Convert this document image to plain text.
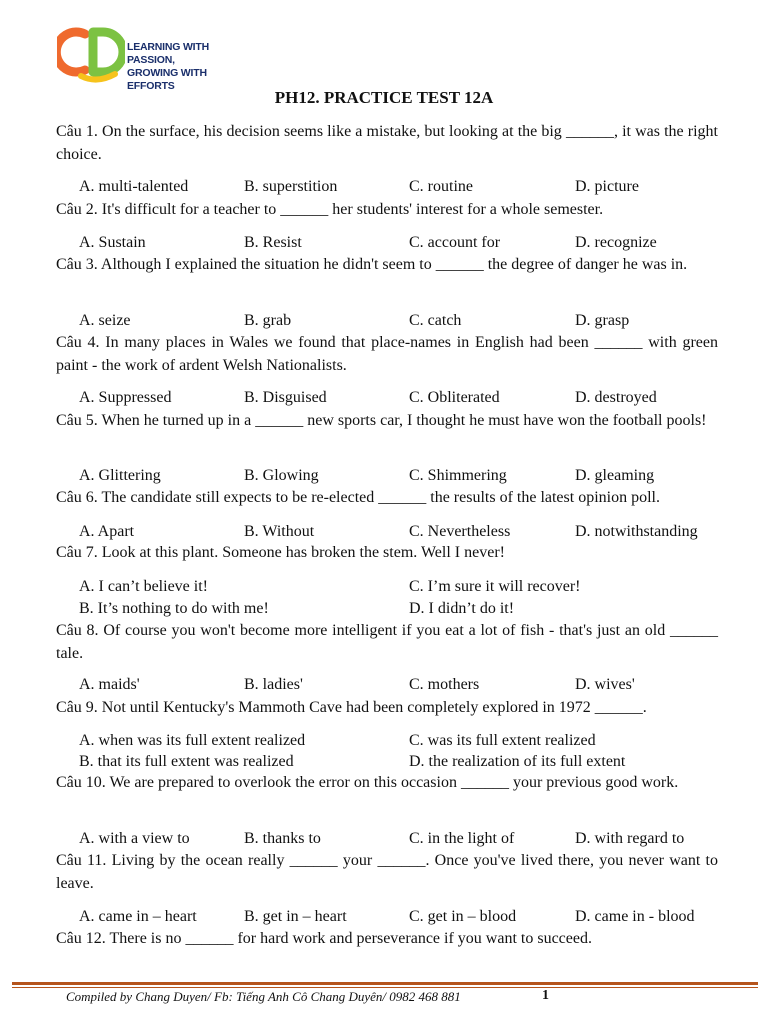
LEARNING WITH PASSION,
GROWING WITH EFFORTS
PH12. PRACTICE TEST 12A
Câu 1. On the surface, his decision seems like a mistake, but looking at the big ______, it was the right choice.
A. multi-talented	B. superstition	C. routine	D. picture
Câu 2. It's difficult for a teacher to ______ her students' interest for a whole semester.
A. Sustain	B. Resist	C. account for	D. recognize
Câu 3. Although I explained the situation he didn't seem to ______ the degree of danger he was in.
A. seize	B. grab	C. catch	D. grasp
Câu 4. In many places in Wales we found that place-names in English had been ______ with green paint - the work of ardent Welsh Nationalists.
A. Suppressed	B. Disguised	C. Obliterated	D. destroyed
Câu 5. When he turned up in a ______ new sports car, I thought he must have won the football pools!
A. Glittering	B. Glowing	C. Shimmering	D. gleaming
Câu 6. The candidate still expects to be re-elected ______ the results of the latest opinion poll.
A. Apart	B. Without	C. Nevertheless	D. notwithstanding
Câu 7. Look at this plant. Someone has broken the stem. Well I never!
A. I can’t believe it!
B. It’s nothing to do with me!
C. I’m sure it will recover!
D. I didn’t do it!
Câu 8. Of course you won't become more intelligent if you eat a lot of fish - that's just an old ______ tale.
A. maids'	B. ladies'	C. mothers	D. wives'
Câu 9. Not until Kentucky's Mammoth Cave had been completely explored in 1972 ______.
A. when was its full extent realized
B. that its full extent was realized
C. was its full extent realized
D. the realization of its full extent
Câu 10. We are prepared to overlook the error on this occasion ______ your previous good work.
A. with a view to	B. thanks to	C. in the light of	D. with regard to
Câu 11. Living by the ocean really ______ your ______. Once you've lived there, you never want to leave.
A. came in – heart	B. get in – heart	C. get in – blood	D. came in - blood
Câu 12. There is no ______ for hard work and perseverance if you want to succeed.
Compiled by Chang Duyen/ Fb: Tiếng Anh Cô Chang Duyên/ 0982 468 881	1
